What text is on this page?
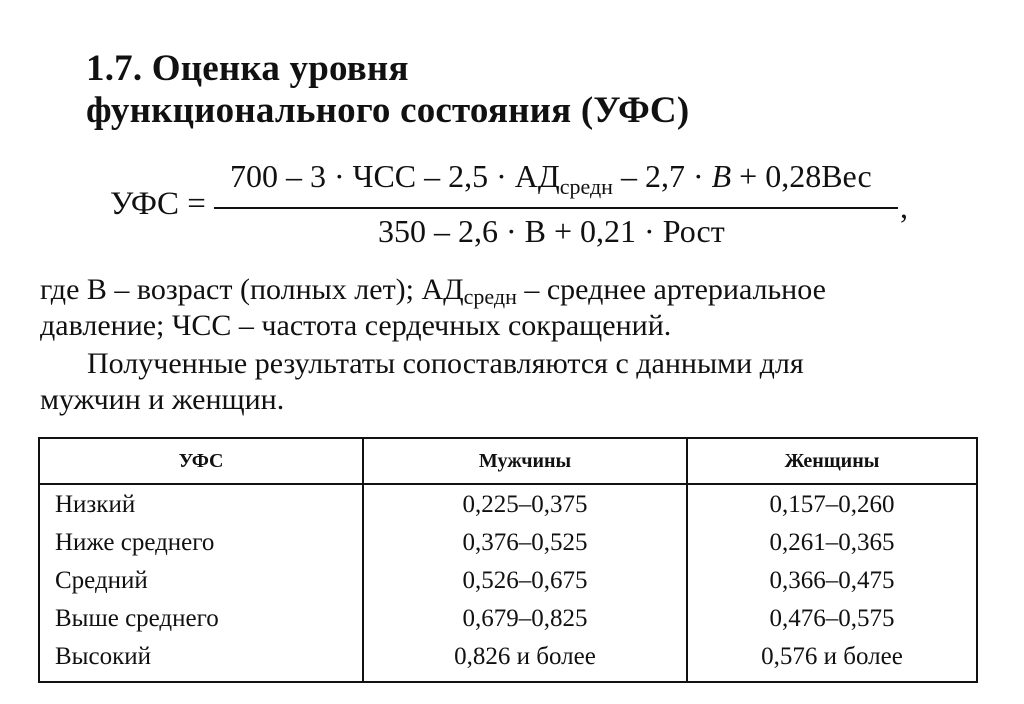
1.7. Оценка уровня
функционального состояния (УФС)
УФС =
700 – 3 · ЧСС – $2,5 \cdot АД_{средн} - 2,7 \cdot В + 0,28Вес$
350 – 2,6 · В + 0,21 · Рост
,
где В – возраст (полных лет); АДсредн – среднее артериальное
давление; ЧСС – частота сердечных сокращений.
Полученные результаты сопоставляются с данными для
мужчин и женщин.
УФС	Мужчины	Женщины
Низкий	0,225–0,375	0,157–0,260
Ниже среднего	0,376–0,525	0,261–0,365
Средний	0,526–0,675	0,366–0,475
Выше среднего	0,679–0,825	0,476–0,575
Высокий	0,826 и более	0,576 и более
